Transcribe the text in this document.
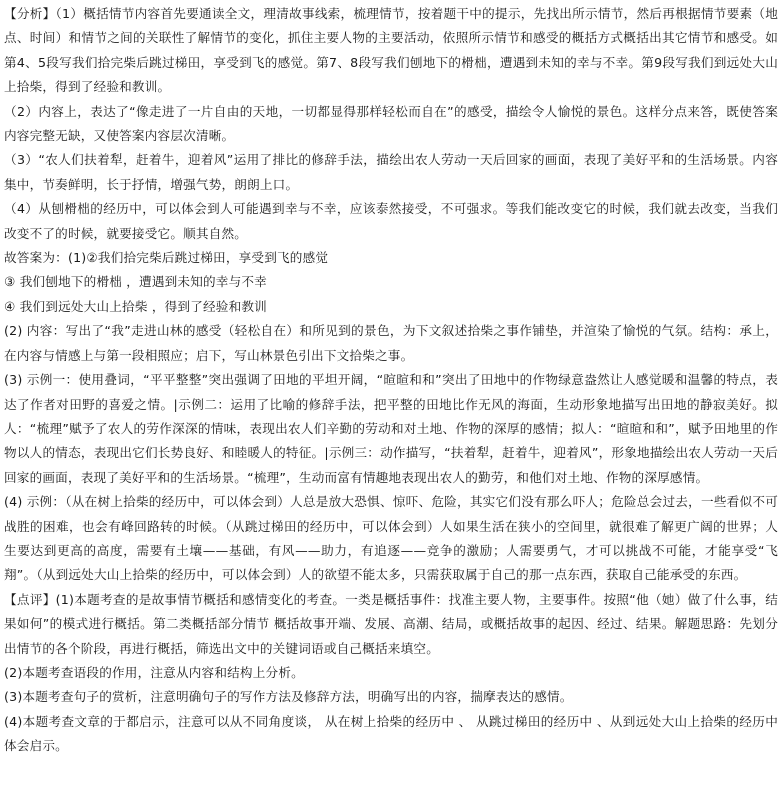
【分析】（1）概括情节内容首先要通读全文，理清故事线索，梳理情节，按着题干中的提示，先找出所示情节，然后再根据情节要素（地点、时间）和情节之间的关联性了解情节的变化，抓住主要人物的主要活动，依照所示情节和感受的概括方式概括出其它情节和感受。如第4、5段写我们拾完柴后跳过梯田，享受到飞的感觉。第7、8段写我们刨地下的榾柮，遭遇到未知的幸与不幸。第9段写我们到远处大山上拾柴，得到了经验和教训。

（2）内容上，表达了“像走进了一片自由的天地，一切都显得那样轻松而自在”的感受，描绘令人愉悦的景色。这样分点来答，既使答案内容完整无缺，又使答案内容层次清晰。

（3）“农人们扶着犁，赶着牛，迎着风”运用了排比的修辞手法，描绘出农人劳动一天后回家的画面，表现了美好平和的生活场景。内容集中，节奏鲜明，长于抒情，增强气势，朗朗上口。

（4）从刨榾柮的经历中，可以体会到人可能遇到幸与不幸，应该泰然接受，不可强求。等我们能改变它的时候，我们就去改变，当我们改变不了的时候，就要接受它。顺其自然。

故答案为：(1)②我们拾完柴后跳过梯田，享受到飞的感觉

③ 我们刨地下的榾柮 ，遭遇到未知的幸与不幸

④ 我们到远处大山上拾柴 ，得到了经验和教训

(2) 内容：写出了“我”走进山林的感受（轻松自在）和所见到的景色，为下文叙述拾柴之事作铺垫，并渲染了愉悦的气氛。结构：承上，在内容与情感上与第一段相照应；启下，写山林景色引出下文拾柴之事。

(3) 示例一：使用叠词，“平平整整”突出强调了田地的平坦开阔，“暄暄和和”突出了田地中的作物绿意盎然让人感觉暖和温馨的特点，表达了作者对田野的喜爱之情。|示例二：运用了比喻的修辞手法，把平整的田地比作无风的海面，生动形象地描写出田地的静寂美好。拟人：“梳理”赋予了农人的劳作深深的情味，表现出农人们辛勤的劳动和对土地、作物的深厚的感情；拟人：“暄暄和和”，赋予田地里的作物以人的情态，表现出它们长势良好、和睦暖人的特征。|示例三：动作描写，“扶着犁，赶着牛，迎着风”，形象地描绘出农人劳动一天后回家的画面，表现了美好平和的生活场景。“梳理”，生动而富有情趣地表现出农人的勤劳，和他们对土地、作物的深厚感情。

(4) 示例：（从在树上拾柴的经历中，可以体会到）人总是放大恐惧、惊吓、危险，其实它们没有那么吓人；危险总会过去，一些看似不可战胜的困难，也会有峰回路转的时候。（从跳过梯田的经历中，可以体会到）人如果生活在狭小的空间里，就很难了解更广阔的世界；人生要达到更高的高度，需要有土壤——基础，有风——助力，有追逐——竞争的激励；人需要勇气，才可以挑战不可能，才能享受“飞翔”。（从到远处大山上拾柴的经历中，可以体会到）人的欲望不能太多，只需获取属于自己的那一点东西，获取自己能承受的东西。

【点评】(1)本题考查的是故事情节概括和感情变化的考查。一类是概括事件：找准主要人物，主要事件。按照“他（她）做了什么事，结果如何”的模式进行概括。第二类概括部分情节 概括故事开端、发展、高潮、结局，或概括故事的起因、经过、结果。解题思路：先划分出情节的各个阶段，再进行概括，筛选出文中的关键词语或自己概括来填空。

(2)本题考查语段的作用，注意从内容和结构上分析。

(3)本题考查句子的赏析，注意明确句子的写作方法及修辞方法，明确写出的内容，揣摩表达的感情。

(4)本题考查文章的于都启示，注意可以从不同角度谈， 从在树上拾柴的经历中 、 从跳过梯田的经历中 、从到远处大山上拾柴的经历中体会启示。
